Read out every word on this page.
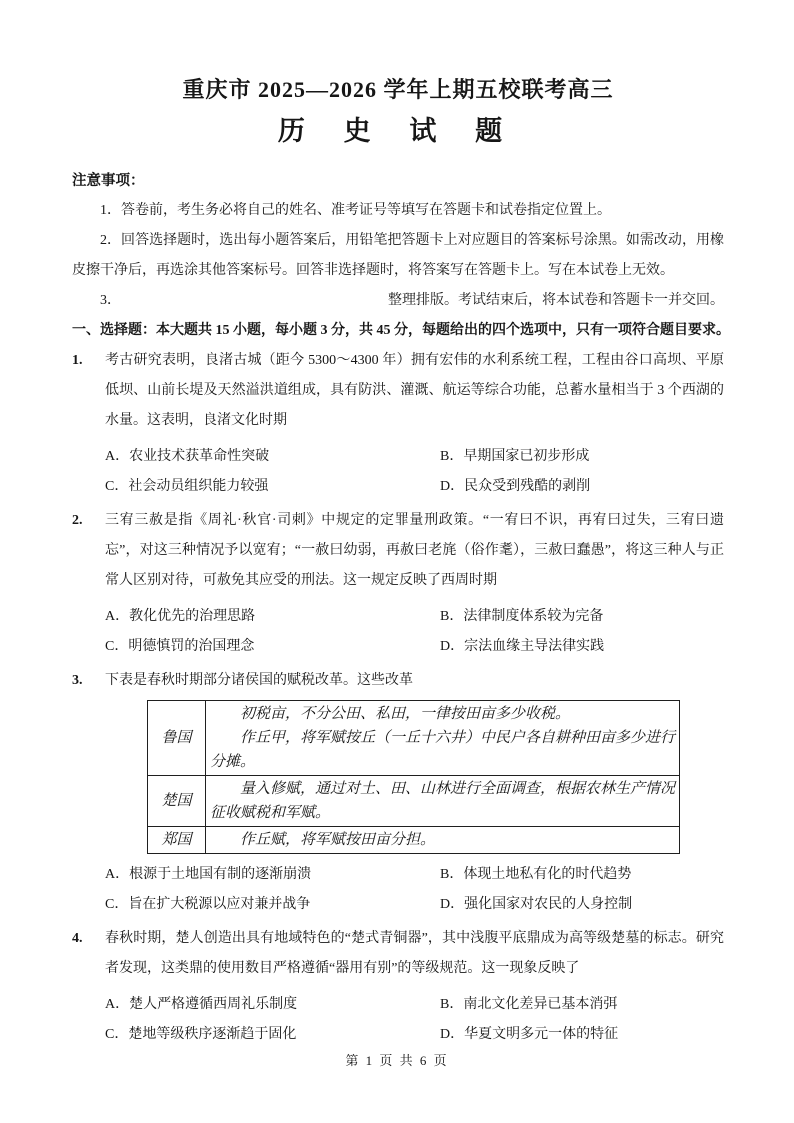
重庆市 2025—2026 学年上期五校联考高三
历 史 试 题

注意事项：

1．答卷前，考生务必将自己的姓名、准考证号等填写在答题卡和试卷指定位置上。

2．回答选择题时，选出每小题答案后，用铅笔把答题卡上对应题目的答案标号涂黑。如需改动，用橡皮擦干净后，再选涂其他答案标号。回答非选择题时，将答案写在答题卡上。写在本试卷上无效。

3．	整理排版。考试结束后，将本试卷和答题卡一并交回。

一、选择题：本大题共 15 小题，每小题 3 分，共 45 分，每题给出的四个选项中，只有一项符合题目要求。

1.	考古研究表明，良渚古城（距今 5300～4300 年）拥有宏伟的水利系统工程，工程由谷口高坝、平原低坝、山前长堤及天然溢洪道组成，具有防洪、灌溉、航运等综合功能，总蓄水量相当于 3 个西湖的水量。这表明，良渚文化时期

A．农业技术获革命性突破	B．早期国家已初步形成
C．社会动员组织能力较强	D．民众受到残酷的剥削
2.	三宥三赦是指《周礼·秋官·司刺》中规定的定罪量刑政策。“一宥曰不识，再宥曰过失，三宥曰遗忘”，对这三种情况予以宽宥；“一赦曰幼弱，再赦曰老旄（俗作耄），三赦曰蠢愚”，将这三种人与正常人区别对待，可赦免其应受的刑法。这一规定反映了西周时期

A．教化优先的治理思路	B．法律制度体系较为完备
C．明德慎罚的治国理念	D．宗法血缘主导法律实践
3.	下表是春秋时期部分诸侯国的赋税改革。这些改革

鲁国	初税亩，不分公田、私田，一律按田亩多少收税。

作丘甲，将军赋按丘（一丘十六井）中民户各自耕种田亩多少进行分摊。

楚国	量入修赋，通过对土、田、山林进行全面调查，根据农林生产情况征收赋税和军赋。

郑国	作丘赋，将军赋按田亩分担。

A．根源于土地国有制的逐渐崩溃	B．体现土地私有化的时代趋势
C．旨在扩大税源以应对兼并战争	D．强化国家对农民的人身控制
4.	春秋时期，楚人创造出具有地域特色的“楚式青铜器”，其中浅腹平底鼎成为高等级楚墓的标志。研究者发现，这类鼎的使用数目严格遵循“器用有别”的等级规范。这一现象反映了

A．楚人严格遵循西周礼乐制度	B．南北文化差异已基本消弭
C．楚地等级秩序逐渐趋于固化	D．华夏文明多元一体的特征
第 1 页 共 6 页
